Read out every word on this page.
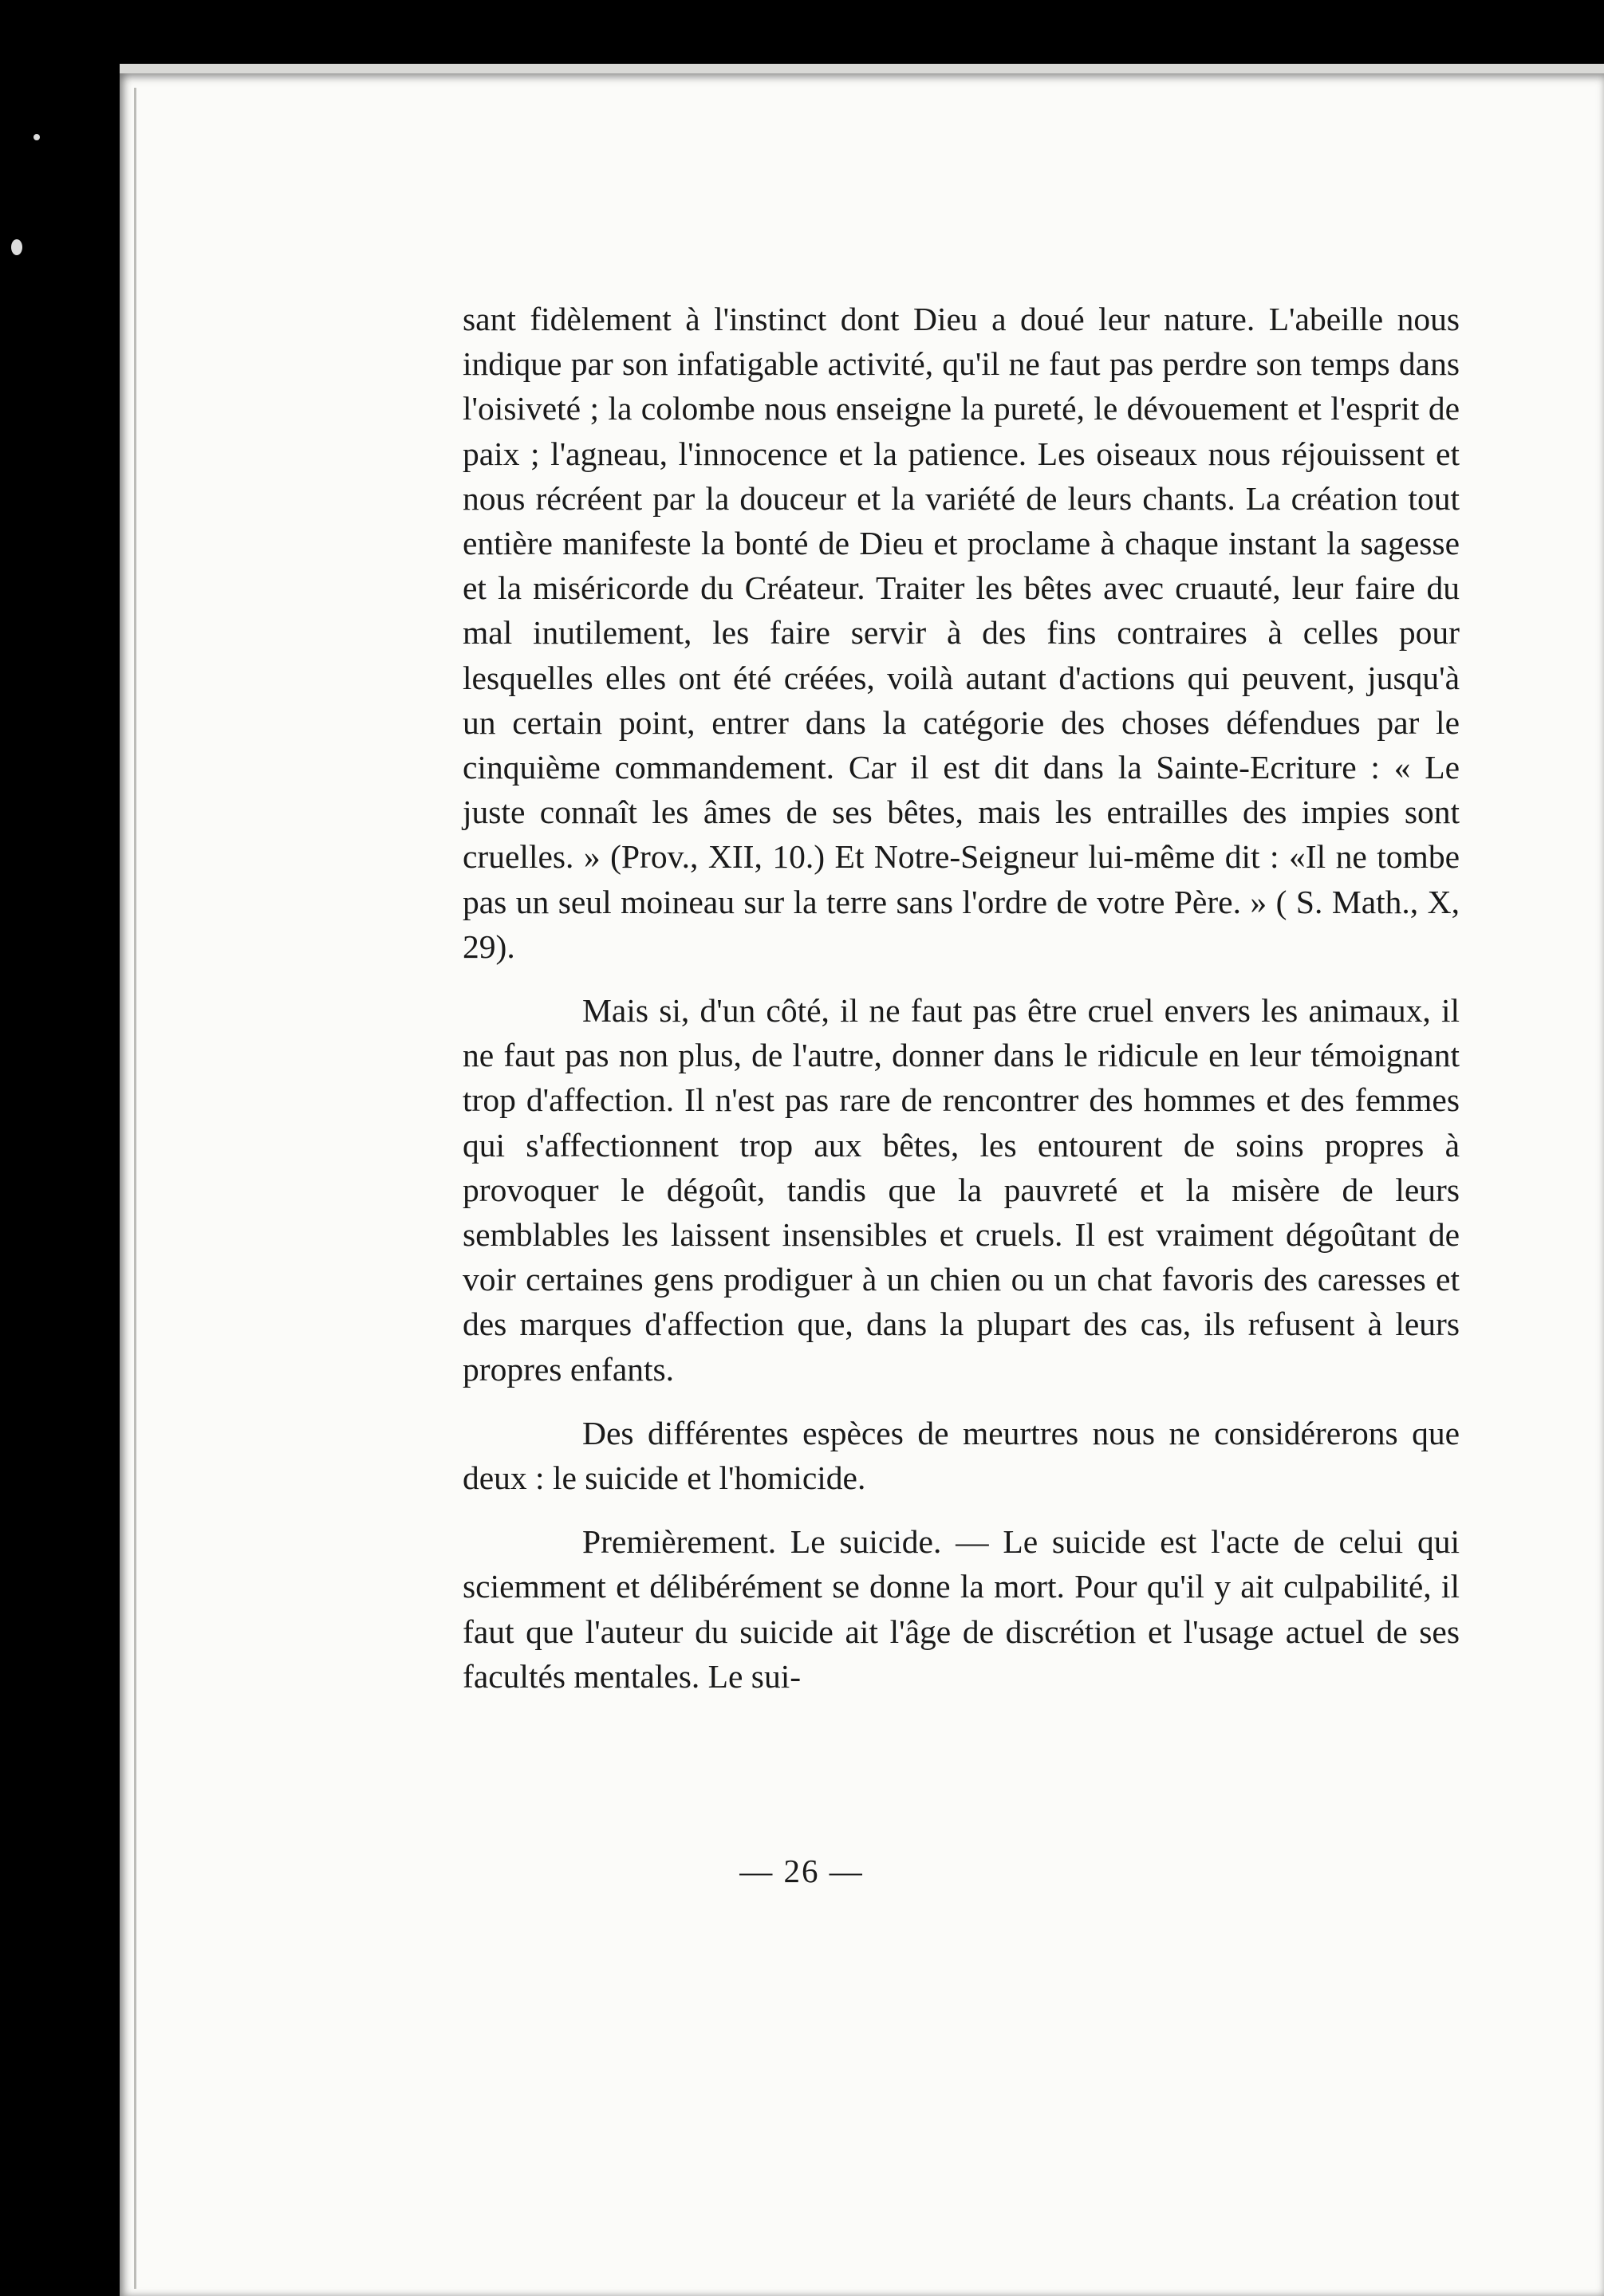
sant fidèlement à l'instinct dont Dieu a doué leur nature. L'abeille nous indique par son infatigable activité, qu'il ne faut pas perdre son temps dans l'oisiveté ; la colombe nous enseigne la pureté, le dévouement et l'esprit de paix ; l'agneau, l'innocence et la patience. Les oiseaux nous réjouissent et nous récréent par la douceur et la variété de leurs chants. La création tout entière manifeste la bonté de Dieu et proclame à chaque instant la sagesse et la miséricorde du Créateur. Traiter les bêtes avec cruauté, leur faire du mal inutilement, les faire servir à des fins contraires à celles pour lesquelles elles ont été créées, voilà autant d'actions qui peuvent, jusqu'à un certain point, entrer dans la catégorie des choses défendues par le cinquième commandement. Car il est dit dans la Sainte-Ecriture : « Le juste connaît les âmes de ses bêtes, mais les entrailles des impies sont cruelles. » (Prov., XII, 10.) Et Notre-Seigneur lui-même dit : «Il ne tombe pas un seul moineau sur la terre sans l'ordre de votre Père. » ( S. Math., X, 29).

Mais si, d'un côté, il ne faut pas être cruel envers les animaux, il ne faut pas non plus, de l'autre, donner dans le ridicule en leur témoignant trop d'affection. Il n'est pas rare de rencontrer des hommes et des femmes qui s'affectionnent trop aux bêtes, les entourent de soins propres à provoquer le dégoût, tandis que la pauvreté et la misère de leurs semblables les laissent insensibles et cruels. Il est vraiment dégoûtant de voir certaines gens prodiguer à un chien ou un chat favoris des caresses et des marques d'affection que, dans la plupart des cas, ils refusent à leurs propres enfants.

Des différentes espèces de meurtres nous ne considérerons que deux : le suicide et l'homicide.

Premièrement. Le suicide. — Le suicide est l'acte de celui qui sciemment et délibérément se donne la mort. Pour qu'il y ait culpabilité, il faut que l'auteur du suicide ait l'âge de discrétion et l'usage actuel de ses facultés mentales. Le sui-

— 26 —
